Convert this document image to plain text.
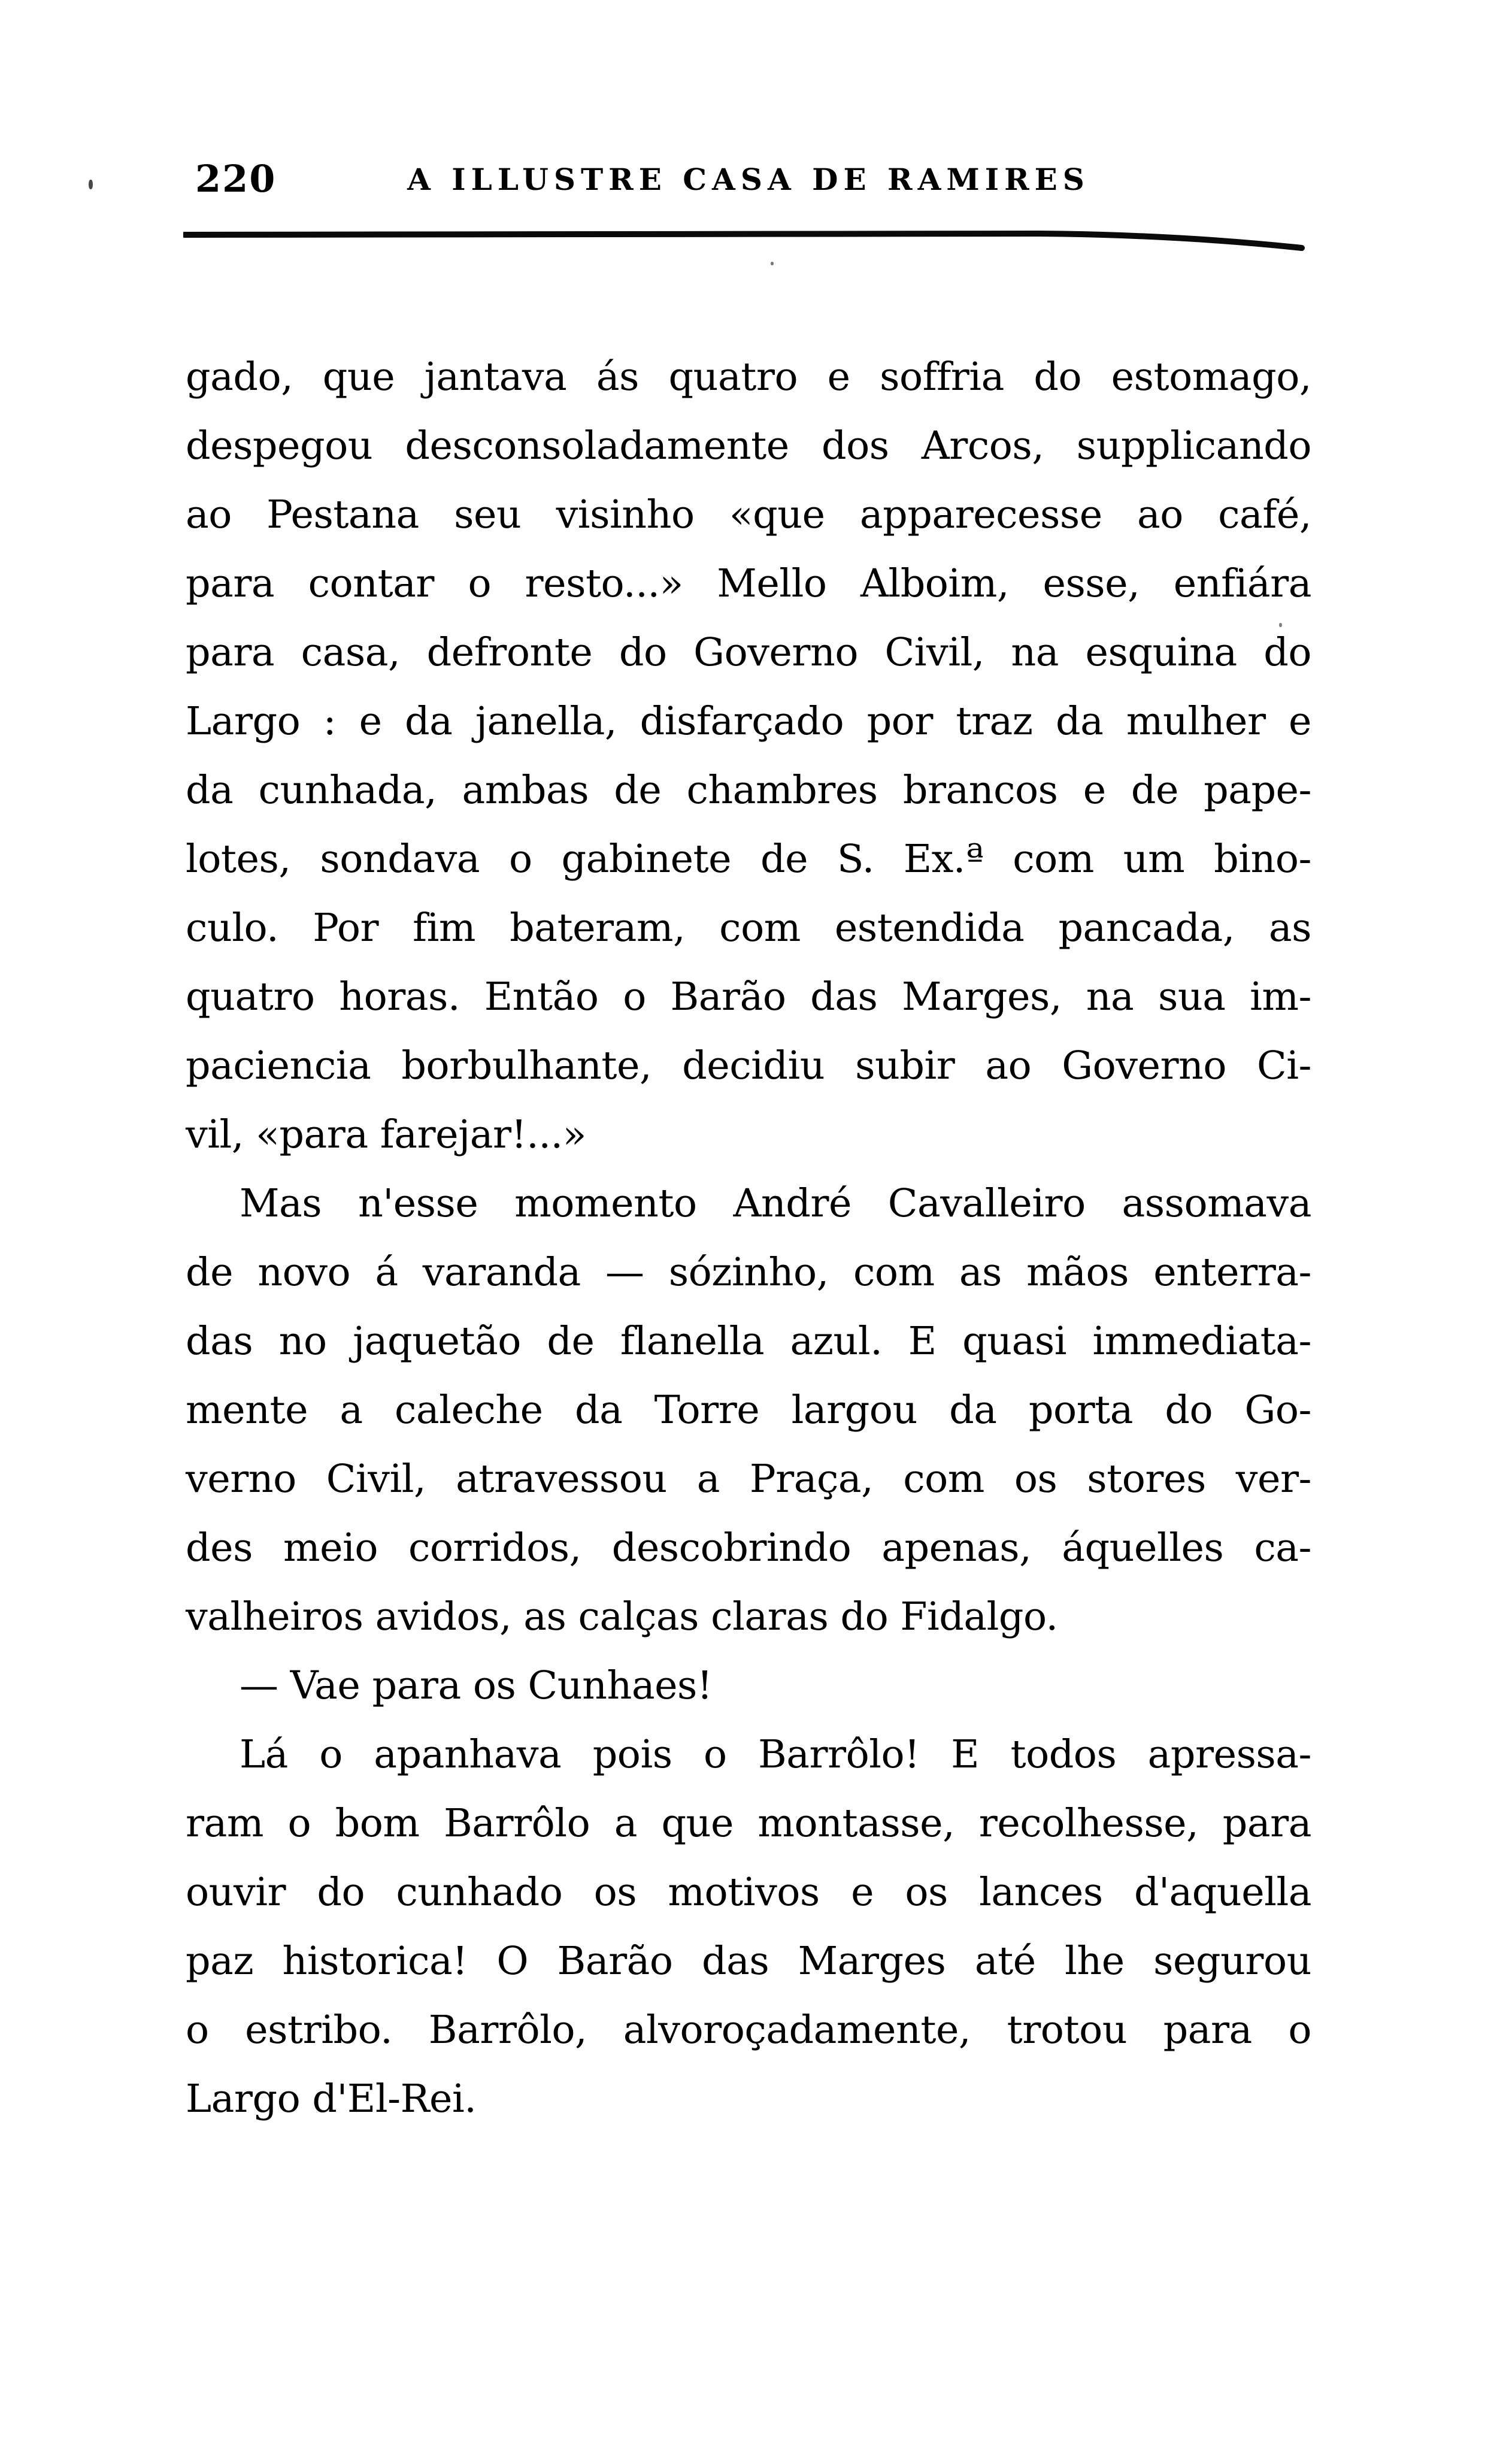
220	A ILLUSTRE CASA DE RAMIRES
gado, que jantava ás quatro e soffria do estomago,
despegou desconsoladamente dos Arcos, supplicando
ao Pestana seu visinho «que apparecesse ao café,
para contar o resto...» Mello Alboim, esse, enfiára
para casa, defronte do Governo Civil, na esquina do
Largo : e da janella, disfarçado por traz da mulher e
da cunhada, ambas de chambres brancos e de pape-
lotes, sondava o gabinete de S. Ex.ª com um bino-
culo. Por fim bateram, com estendida pancada, as
quatro horas. Então o Barão das Marges, na sua im-
paciencia borbulhante, decidiu subir ao Governo Ci-
vil, «para farejar!...»
Mas n'esse momento André Cavalleiro assomava
de novo á varanda — sózinho, com as mãos enterra-
das no jaquetão de flanella azul. E quasi immediata-
mente a caleche da Torre largou da porta do Go-
verno Civil, atravessou a Praça, com os stores ver-
des meio corridos, descobrindo apenas, áquelles ca-
valheiros avidos, as calças claras do Fidalgo.
— Vae para os Cunhaes!
Lá o apanhava pois o Barrôlo! E todos apressa-
ram o bom Barrôlo a que montasse, recolhesse, para
ouvir do cunhado os motivos e os lances d'aquella
paz historica! O Barão das Marges até lhe segurou
o estribo. Barrôlo, alvoroçadamente, trotou para o
Largo d'El-Rei.
